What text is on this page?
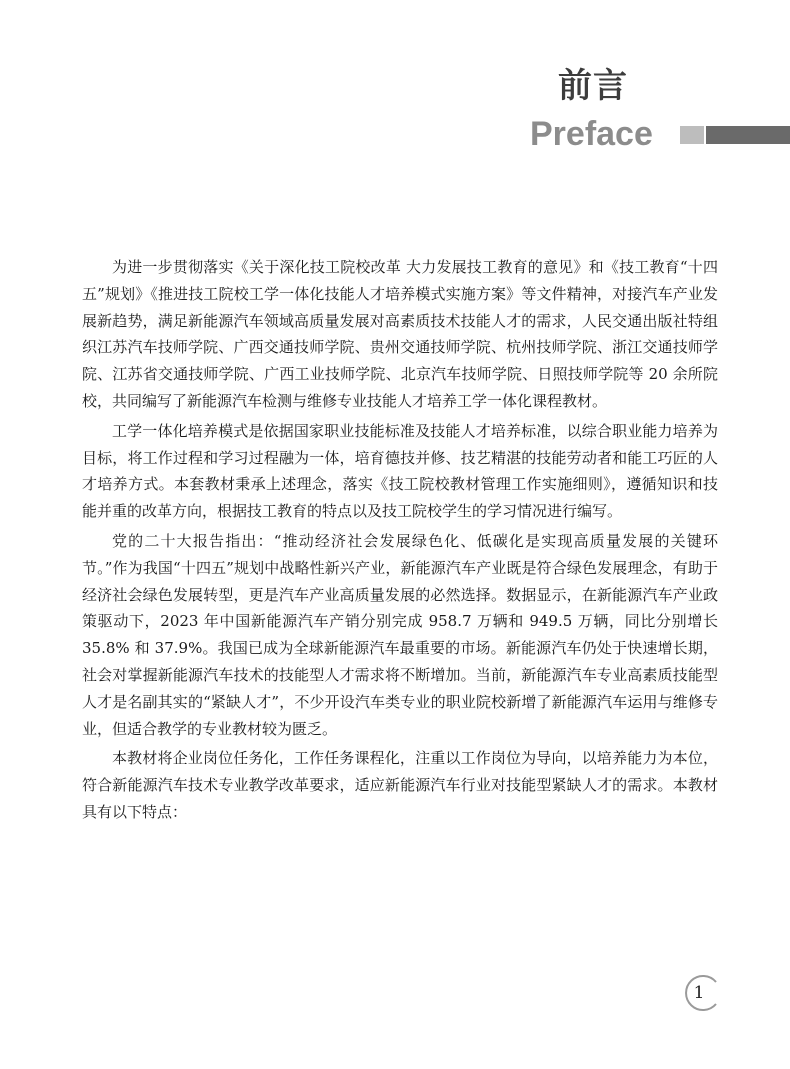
前言
Preface

为进一步贯彻落实《关于深化技工院校改革 大力发展技工教育的意见》和《技工教育“十四五”规划》《推进技工院校工学一体化技能人才培养模式实施方案》等文件精神，对接汽车产业发展新趋势，满足新能源汽车领域高质量发展对高素质技术技能人才的需求，人民交通出版社特组织江苏汽车技师学院、广西交通技师学院、贵州交通技师学院、杭州技师学院、浙江交通技师学院、江苏省交通技师学院、广西工业技师学院、北京汽车技师学院、日照技师学院等 20 余所院校，共同编写了新能源汽车检测与维修专业技能人才培养工学一体化课程教材。

工学一体化培养模式是依据国家职业技能标准及技能人才培养标准，以综合职业能力培养为目标，将工作过程和学习过程融为一体，培育德技并修、技艺精湛的技能劳动者和能工巧匠的人才培养方式。本套教材秉承上述理念，落实《技工院校教材管理工作实施细则》，遵循知识和技能并重的改革方向，根据技工教育的特点以及技工院校学生的学习情况进行编写。

党的二十大报告指出：“推动经济社会发展绿色化、低碳化是实现高质量发展的关键环节。”作为我国“十四五”规划中战略性新兴产业，新能源汽车产业既是符合绿色发展理念，有助于经济社会绿色发展转型，更是汽车产业高质量发展的必然选择。数据显示，在新能源汽车产业政策驱动下，2023 年中国新能源汽车产销分别完成 958.7 万辆和 949.5 万辆，同比分别增长 35.8% 和 37.9%。我国已成为全球新能源汽车最重要的市场。新能源汽车仍处于快速增长期，社会对掌握新能源汽车技术的技能型人才需求将不断增加。当前，新能源汽车专业高素质技能型人才是名副其实的“紧缺人才”，不少开设汽车类专业的职业院校新增了新能源汽车运用与维修专业，但适合教学的专业教材较为匮乏。

本教材将企业岗位任务化，工作任务课程化，注重以工作岗位为导向，以培养能力为本位，符合新能源汽车技术专业教学改革要求，适应新能源汽车行业对技能型紧缺人才的需求。本教材具有以下特点：

1
